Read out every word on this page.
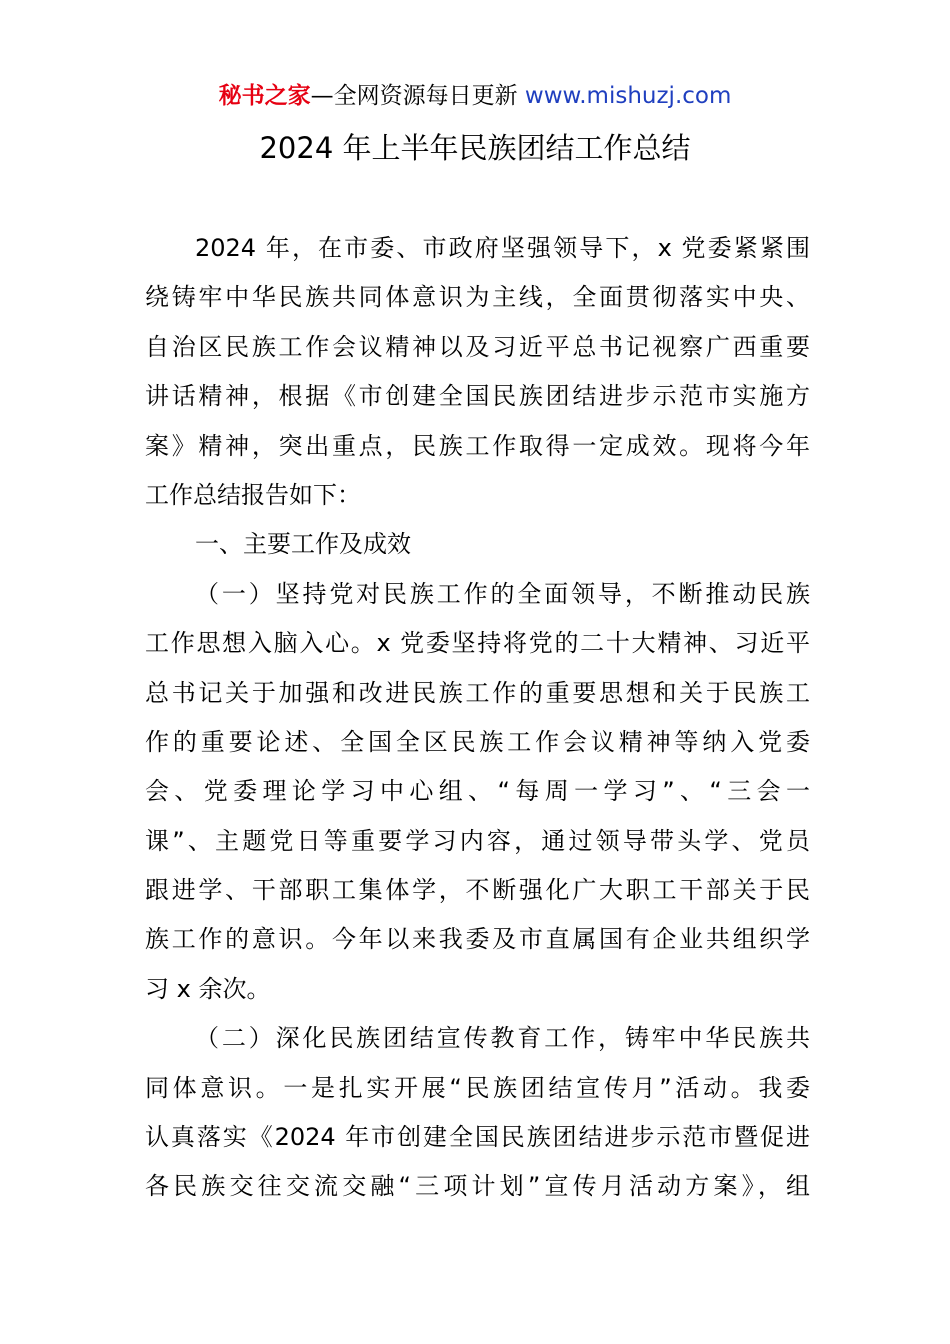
秘书之家—全网资源每日更新 www.mishuzj.com
2024 年上半年民族团结工作总结
2024 年，在市委、市政府坚强领导下，x 党委紧紧围
绕铸牢中华民族共同体意识为主线，全面贯彻落实中央、
自治区民族工作会议精神以及习近平总书记视察广西重要
讲话精神，根据《市创建全国民族团结进步示范市实施方
案》精神，突出重点，民族工作取得一定成效。现将今年
工作总结报告如下：
一、主要工作及成效
（一）坚持党对民族工作的全面领导，不断推动民族
工作思想入脑入心。x 党委坚持将党的二十大精神、习近平
总书记关于加强和改进民族工作的重要思想和关于民族工
作的重要论述、全国全区民族工作会议精神等纳入党委
会、党委理论学习中心组、“每周一学习”、“三会一
课”、主题党日等重要学习内容，通过领导带头学、党员
跟进学、干部职工集体学，不断强化广大职工干部关于民
族工作的意识。今年以来我委及市直属国有企业共组织学
习 x 余次。
（二）深化民族团结宣传教育工作，铸牢中华民族共
同体意识。一是扎实开展“民族团结宣传月”活动。我委
认真落实《2024 年市创建全国民族团结进步示范市暨促进
各民族交往交流交融“三项计划”宣传月活动方案》，组
